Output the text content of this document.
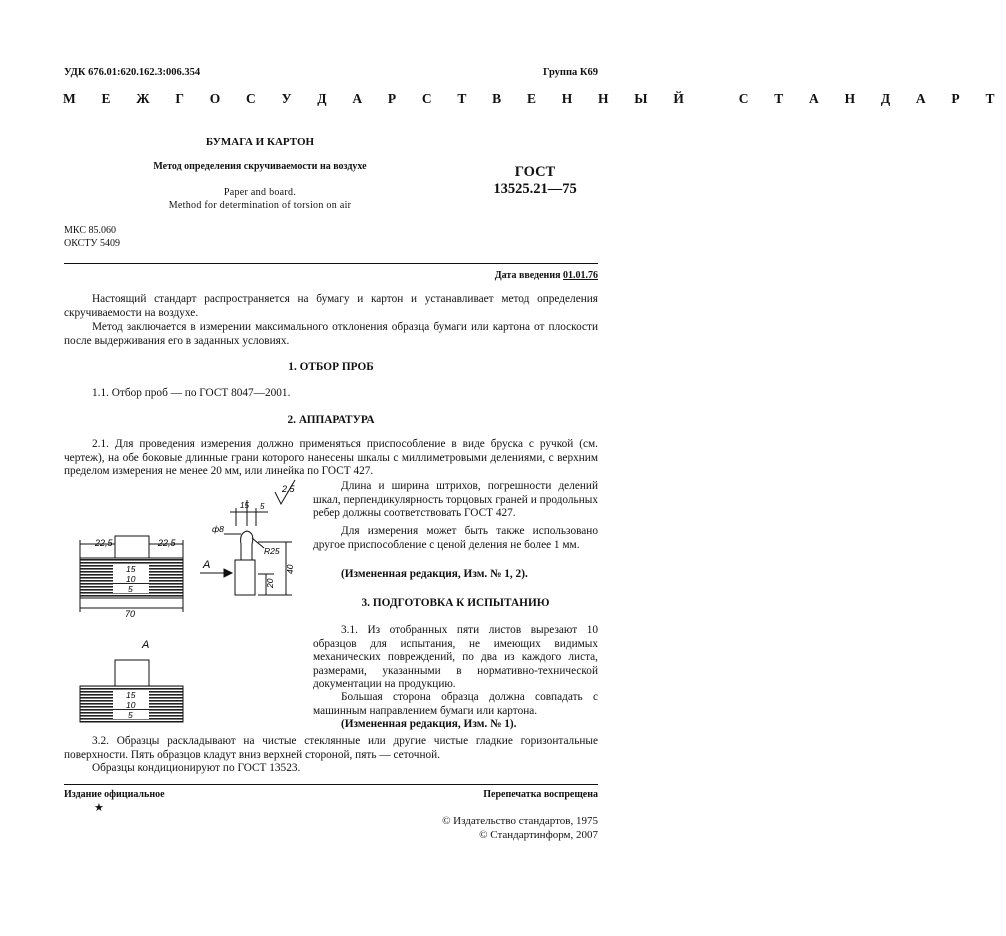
УДК 676.01:620.162.3:006.354	Группа К69
М Е Ж Г О С У Д А Р С Т В Е Н Н Ы Й   С Т А Н Д А Р Т
БУМАГА И КАРТОН
Метод определения скручиваемости на воздухе
Paper and board.
Method for determination of torsion on air
ГОСТ
13525.21—75
МКС 85.060
ОКСТУ 5409
Дата введения 01.01.76
Настоящий стандарт распространяется на бумагу и картон и устанавливает метод определения скручиваемости на воздухе.
Метод заключается в измерении максимального отклонения образца бумаги или картона от плоскости после выдерживания его в заданных условиях.
1. ОТБОР ПРОБ
1.1. Отбор проб — по ГОСТ 8047—2001.
2. АППАРАТУРА
2.1. Для проведения измерения должно применяться приспособление в виде бруска с ручкой (см. чертеж), на обе боковые длинные грани которого нанесены шкалы с миллиметровыми делениями, с верхним пределом измерения не менее 20 мм, или линейка по ГОСТ 427.
Длина и ширина штрихов, погрешности делений шкал, перпендикулярность торцовых граней и продольных ребер должны соответствовать ГОСТ 427.
Для измерения может быть также использовано другое приспособление с ценой деления не более 1 мм.
(Измененная редакция, Изм. № 1, 2).
3. ПОДГОТОВКА К ИСПЫТАНИЮ
3.1. Из отобранных пяти листов вырезают 10 образцов для испытания, не имеющих видимых механических повреждений, по два из каждого листа, размерами, указанными в нормативно-технической документации на продукцию.
Большая сторона образца должна совпадать с машинным направлением бумаги или картона.
(Измененная редакция, Изм. № 1).
3.2. Образцы раскладывают на чистые стеклянные или другие чистые гладкие горизонтальные поверхности. Пять образцов кладут вниз верхней стороной, пять — сеточной.
Образцы кондиционируют по ГОСТ 13523.
22,5	22,5
15
10
5
70
А
15 5
ф8
R25
20
40
2,5
А
15
10
5
Издание официальное	Перепечатка воспрещена
★
© Издательство стандартов, 1975
© Стандартинформ, 2007
